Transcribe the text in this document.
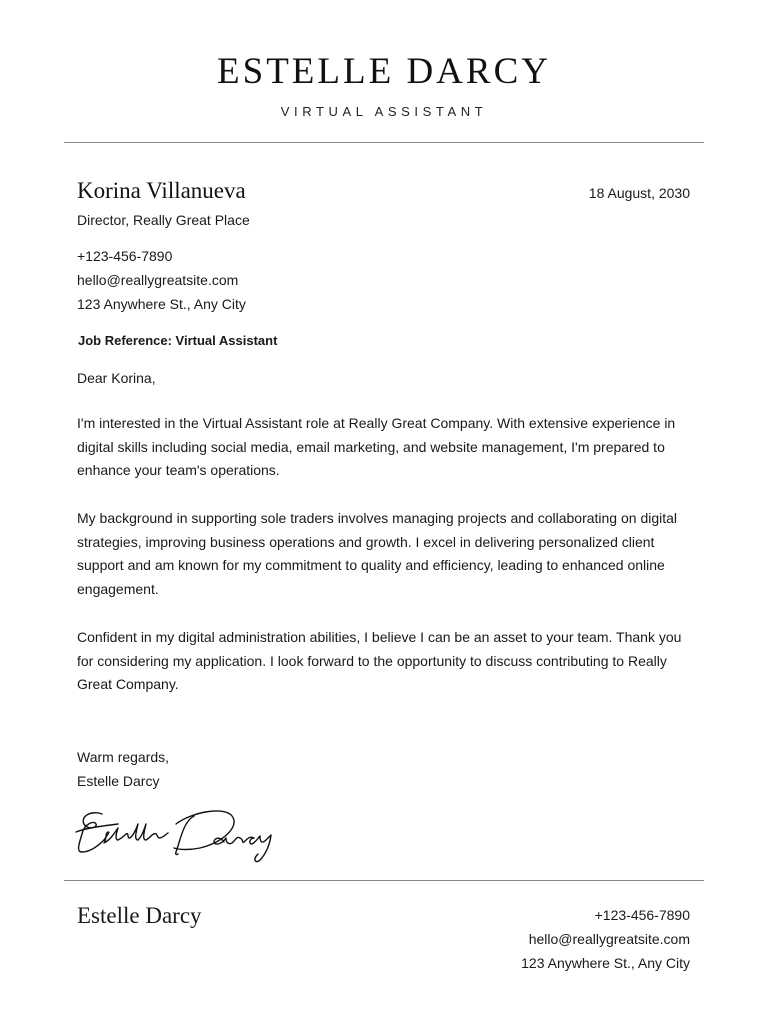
ESTELLE DARCY
VIRTUAL ASSISTANT
Korina Villanueva	18 August, 2030
Director, Really Great Place
+123-456-7890
hello@reallygreatsite.com
123 Anywhere St., Any City
Job Reference: Virtual Assistant
Dear Korina,

I'm interested in the Virtual Assistant role at Really Great Company. With extensive experience in digital skills including social media, email marketing, and website management, I'm prepared to enhance your team's operations.

My background in supporting sole traders involves managing projects and collaborating on digital strategies, improving business operations and growth. I excel in delivering personalized client support and am known for my commitment to quality and efficiency, leading to enhanced online engagement.

Confident in my digital administration abilities, I believe I can be an asset to your team. Thank you for considering my application. I look forward to the opportunity to discuss contributing to Really Great Company.

Warm regards,
Estelle Darcy
Estelle Darcy	+123-456-7890
hello@reallygreatsite.com
123 Anywhere St., Any City
